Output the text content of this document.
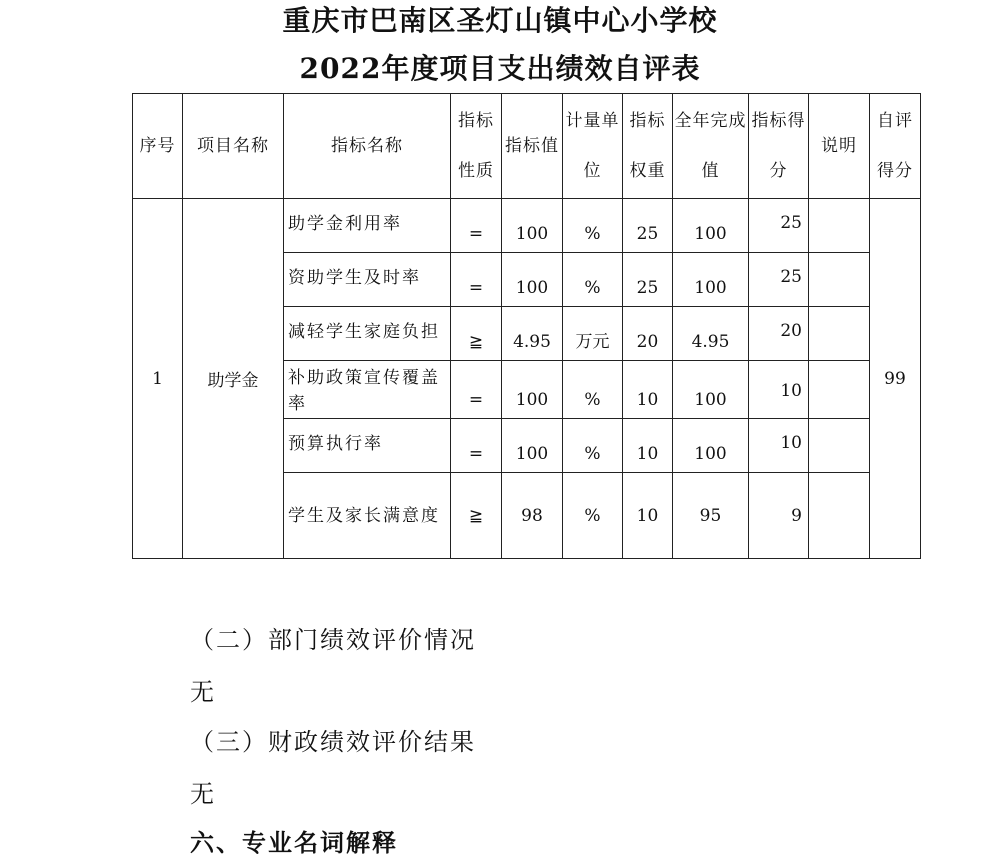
重庆市巴南区圣灯山镇中心小学校
2022年度项目支出绩效自评表
序号	项目名称	指标名称	指标性质	指标值	计量单位	指标权重	全年完成值	指标得分	说明	自评得分
1	助学金	助学金利用率	=	100	%	25	100	25		99
		资助学生及时率	=	100	%	25	100	25		
		减轻学生家庭负担	≧	4.95	万元	20	4.95	20		
		补助政策宣传覆盖率	=	100	%	10	100	10		
		预算执行率	=	100	%	10	100	10		
		学生及家长满意度	≧	98	%	10	95	9		
（二）部门绩效评价情况
无
（三）财政绩效评价结果
无
六、专业名词解释
